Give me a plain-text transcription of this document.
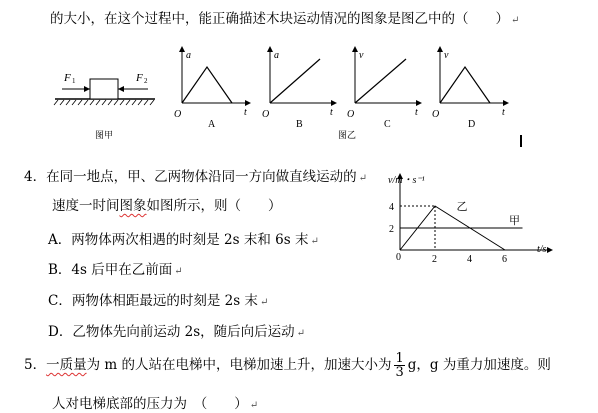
的大小，在这个过程中，能正确描述木块运动情况的图象是图乙中的（　　） ↵
F 1	F 2
图甲
a
O	t
A
a
O	t
B
v
O	t
C
v
O	t
D
图乙
4．在同一地点，甲、乙两物体沿同一方向做直线运动的 ↵
速度一时间图象如图所示，则（　　）
A．两物体两次相遇的时刻是 2s 末和 6s 末 ↵
B．4s 后甲在乙前面 ↵
C．两物体相距最远的时刻是 2s 末 ↵
D．乙物体先向前运动 2s，随后向后运动 ↵
v/m・s⁻¹
t/s
0
2
4
2	4	6
甲
乙
5．一质量为 m 的人站在电梯中，电梯加速上升，加速大小为 $\frac{1}{3}$ g，g 为重力加速度。则
人对电梯底部的压力为　（　　） ↵
